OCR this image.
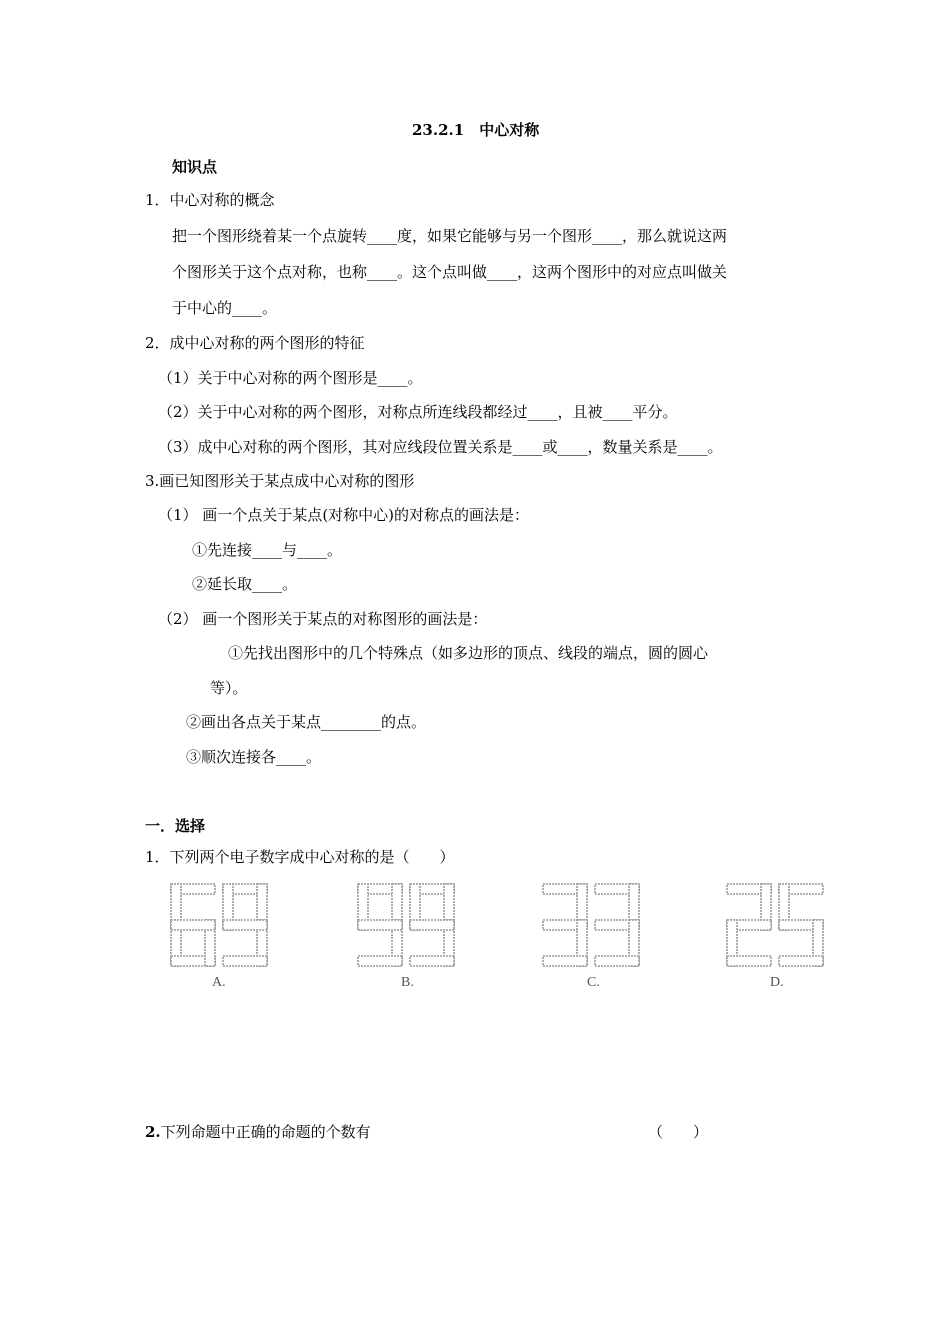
23.2.1　中心对称
知识点
1．中心对称的概念
把一个图形绕着某一个点旋转____度，如果它能够与另一个图形____，那么就说这两
个图形关于这个点对称，也称____。这个点叫做____，这两个图形中的对应点叫做关
于中心的____。
2．成中心对称的两个图形的特征
（1）关于中心对称的两个图形是____。
（2）关于中心对称的两个图形，对称点所连线段都经过____，且被____平分。
（3）成中心对称的两个图形，其对应线段位置关系是____或____，数量关系是____。
3.画已知图形关于某点成中心对称的图形
（1） 画一个点关于某点(对称中心)的对称点的画法是：
①先连接____与____。
②延长取____。
（2） 画一个图形关于某点的对称图形的画法是：
①先找出图形中的几个特殊点（如多边形的顶点、线段的端点，圆的圆心
等）。
②画出各点关于某点________的点。
③顺次连接各____。
一．选择
1．下列两个电子数字成中心对称的是（　　）
A.	B.	C.	D.
2.下列命题中正确的命题的个数有	（　　）
